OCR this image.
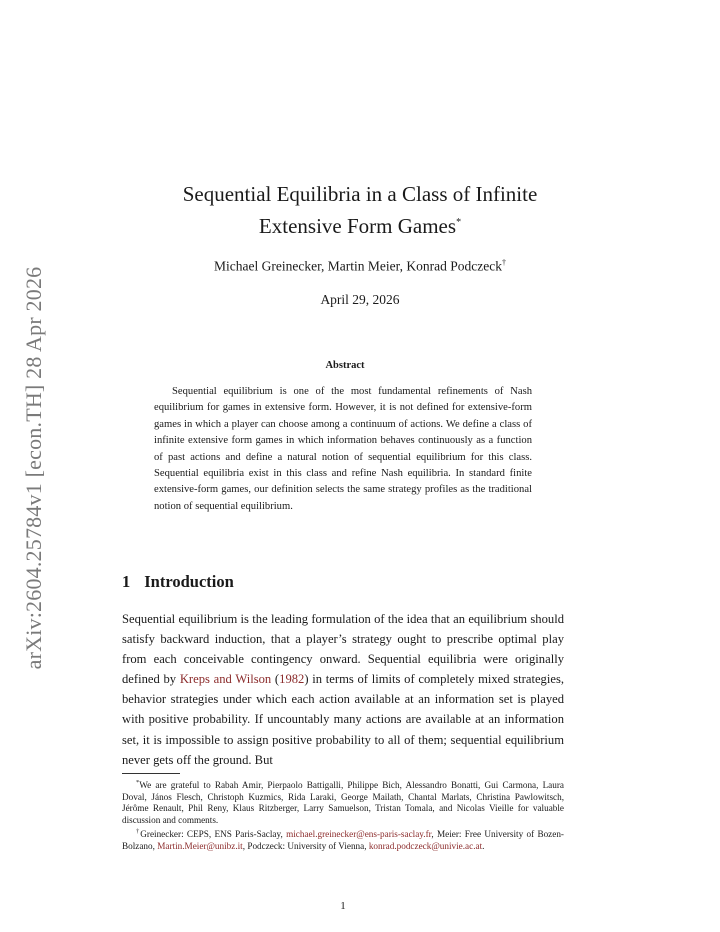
arXiv:2604.25784v1 [econ.TH] 28 Apr 2026
Sequential Equilibria in a Class of Infinite
Extensive Form Games*
Michael Greinecker, Martin Meier, Konrad Podczeck†
April 29, 2026
Abstract
Sequential equilibrium is one of the most fundamental refinements of Nash equilibrium for games in extensive form. However, it is not defined for extensive-form games in which a player can choose among a continuum of actions. We define a class of infinite extensive form games in which information behaves continuously as a function of past actions and define a natural notion of sequential equilibrium for this class. Sequential equilibria exist in this class and refine Nash equilibria. In standard finite extensive-form games, our definition selects the same strategy profiles as the traditional notion of sequential equilibrium.
1 Introduction
Sequential equilibrium is the leading formulation of the idea that an equilibrium should satisfy backward induction, that a player’s strategy ought to prescribe optimal play from each conceivable contingency onward. Sequential equilibria were originally defined by Kreps and Wilson (1982) in terms of limits of completely mixed strategies, behavior strategies under which each action available at an information set is played with positive probability. If uncountably many actions are available at an information set, it is impossible to assign positive probability to all of them; sequential equilibrium never gets off the ground. But

*We are grateful to Rabah Amir, Pierpaolo Battigalli, Philippe Bich, Alessandro Bonatti, Gui Carmona, Laura Doval, János Flesch, Christoph Kuzmics, Rida Laraki, George Mailath, Chantal Marlats, Christina Pawlowitsch, Jérôme Renault, Phil Reny, Klaus Ritzberger, Larry Samuelson, Tristan Tomala, and Nicolas Vieille for valuable discussion and comments.

†Greinecker: CEPS, ENS Paris-Saclay, michael.greinecker@ens-paris-saclay.fr, Meier: Free University of Bozen-Bolzano, Martin.Meier@unibz.it, Podczeck: University of Vienna, konrad.podczeck@univie.ac.at.

1
